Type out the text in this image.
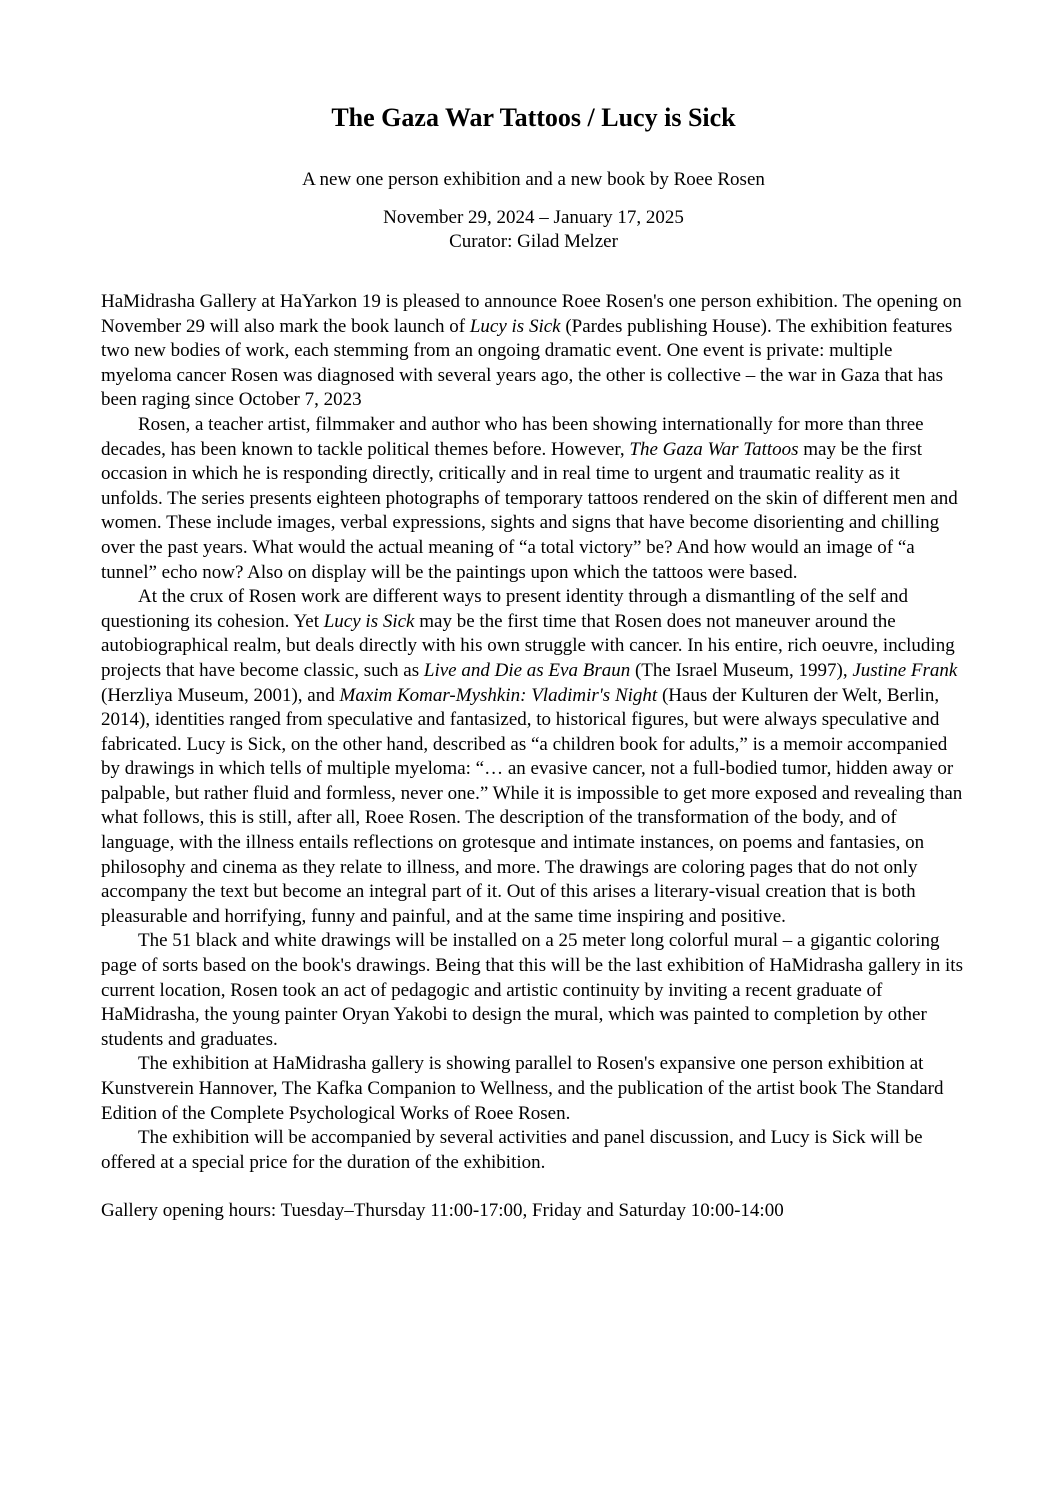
The Gaza War Tattoos / Lucy is Sick

A new one person exhibition and a new book by Roee Rosen

November 29, 2024 – January 17, 2025
Curator: Gilad Melzer

HaMidrasha Gallery at HaYarkon 19 is pleased to announce Roee Rosen's one person exhibition. The opening on November 29 will also mark the book launch of Lucy is Sick (Pardes publishing House). The exhibition features two new bodies of work, each stemming from an ongoing dramatic event. One event is private: multiple myeloma cancer Rosen was diagnosed with several years ago, the other is collective – the war in Gaza that has been raging since October 7, 2023

Rosen, a teacher artist, filmmaker and author who has been showing internationally for more than three decades, has been known to tackle political themes before. However, The Gaza War Tattoos may be the first occasion in which he is responding directly, critically and in real time to urgent and traumatic reality as it unfolds. The series presents eighteen photographs of temporary tattoos rendered on the skin of different men and women. These include images, verbal expressions, sights and signs that have become disorienting and chilling over the past years. What would the actual meaning of “a total victory” be? And how would an image of “a tunnel” echo now? Also on display will be the paintings upon which the tattoos were based.

At the crux of Rosen work are different ways to present identity through a dismantling of the self and questioning its cohesion. Yet Lucy is Sick may be the first time that Rosen does not maneuver around the autobiographical realm, but deals directly with his own struggle with cancer. In his entire, rich oeuvre, including projects that have become classic, such as Live and Die as Eva Braun (The Israel Museum, 1997), Justine Frank (Herzliya Museum, 2001), and Maxim Komar-Myshkin: Vladimir's Night (Haus der Kulturen der Welt, Berlin, 2014), identities ranged from speculative and fantasized, to historical figures, but were always speculative and fabricated. Lucy is Sick, on the other hand, described as “a children book for adults,” is a memoir accompanied by drawings in which tells of multiple myeloma: “… an evasive cancer, not a full-bodied tumor, hidden away or palpable, but rather fluid and formless, never one.” While it is impossible to get more exposed and revealing than what follows, this is still, after all, Roee Rosen. The description of the transformation of the body, and of language, with the illness entails reflections on grotesque and intimate instances, on poems and fantasies, on philosophy and cinema as they relate to illness, and more. The drawings are coloring pages that do not only accompany the text but become an integral part of it. Out of this arises a literary-visual creation that is both pleasurable and horrifying, funny and painful, and at the same time inspiring and positive.

The 51 black and white drawings will be installed on a 25 meter long colorful mural – a gigantic coloring page of sorts based on the book's drawings. Being that this will be the last exhibition of HaMidrasha gallery in its current location, Rosen took an act of pedagogic and artistic continuity by inviting a recent graduate of HaMidrasha, the young painter Oryan Yakobi to design the mural, which was painted to completion by other students and graduates.

The exhibition at HaMidrasha gallery is showing parallel to Rosen's expansive one person exhibition at Kunstverein Hannover, The Kafka Companion to Wellness, and the publication of the artist book The Standard Edition of the Complete Psychological Works of Roee Rosen.

The exhibition will be accompanied by several activities and panel discussion, and Lucy is Sick will be offered at a special price for the duration of the exhibition.

Gallery opening hours: Tuesday–Thursday 11:00-17:00, Friday and Saturday 10:00-14:00
